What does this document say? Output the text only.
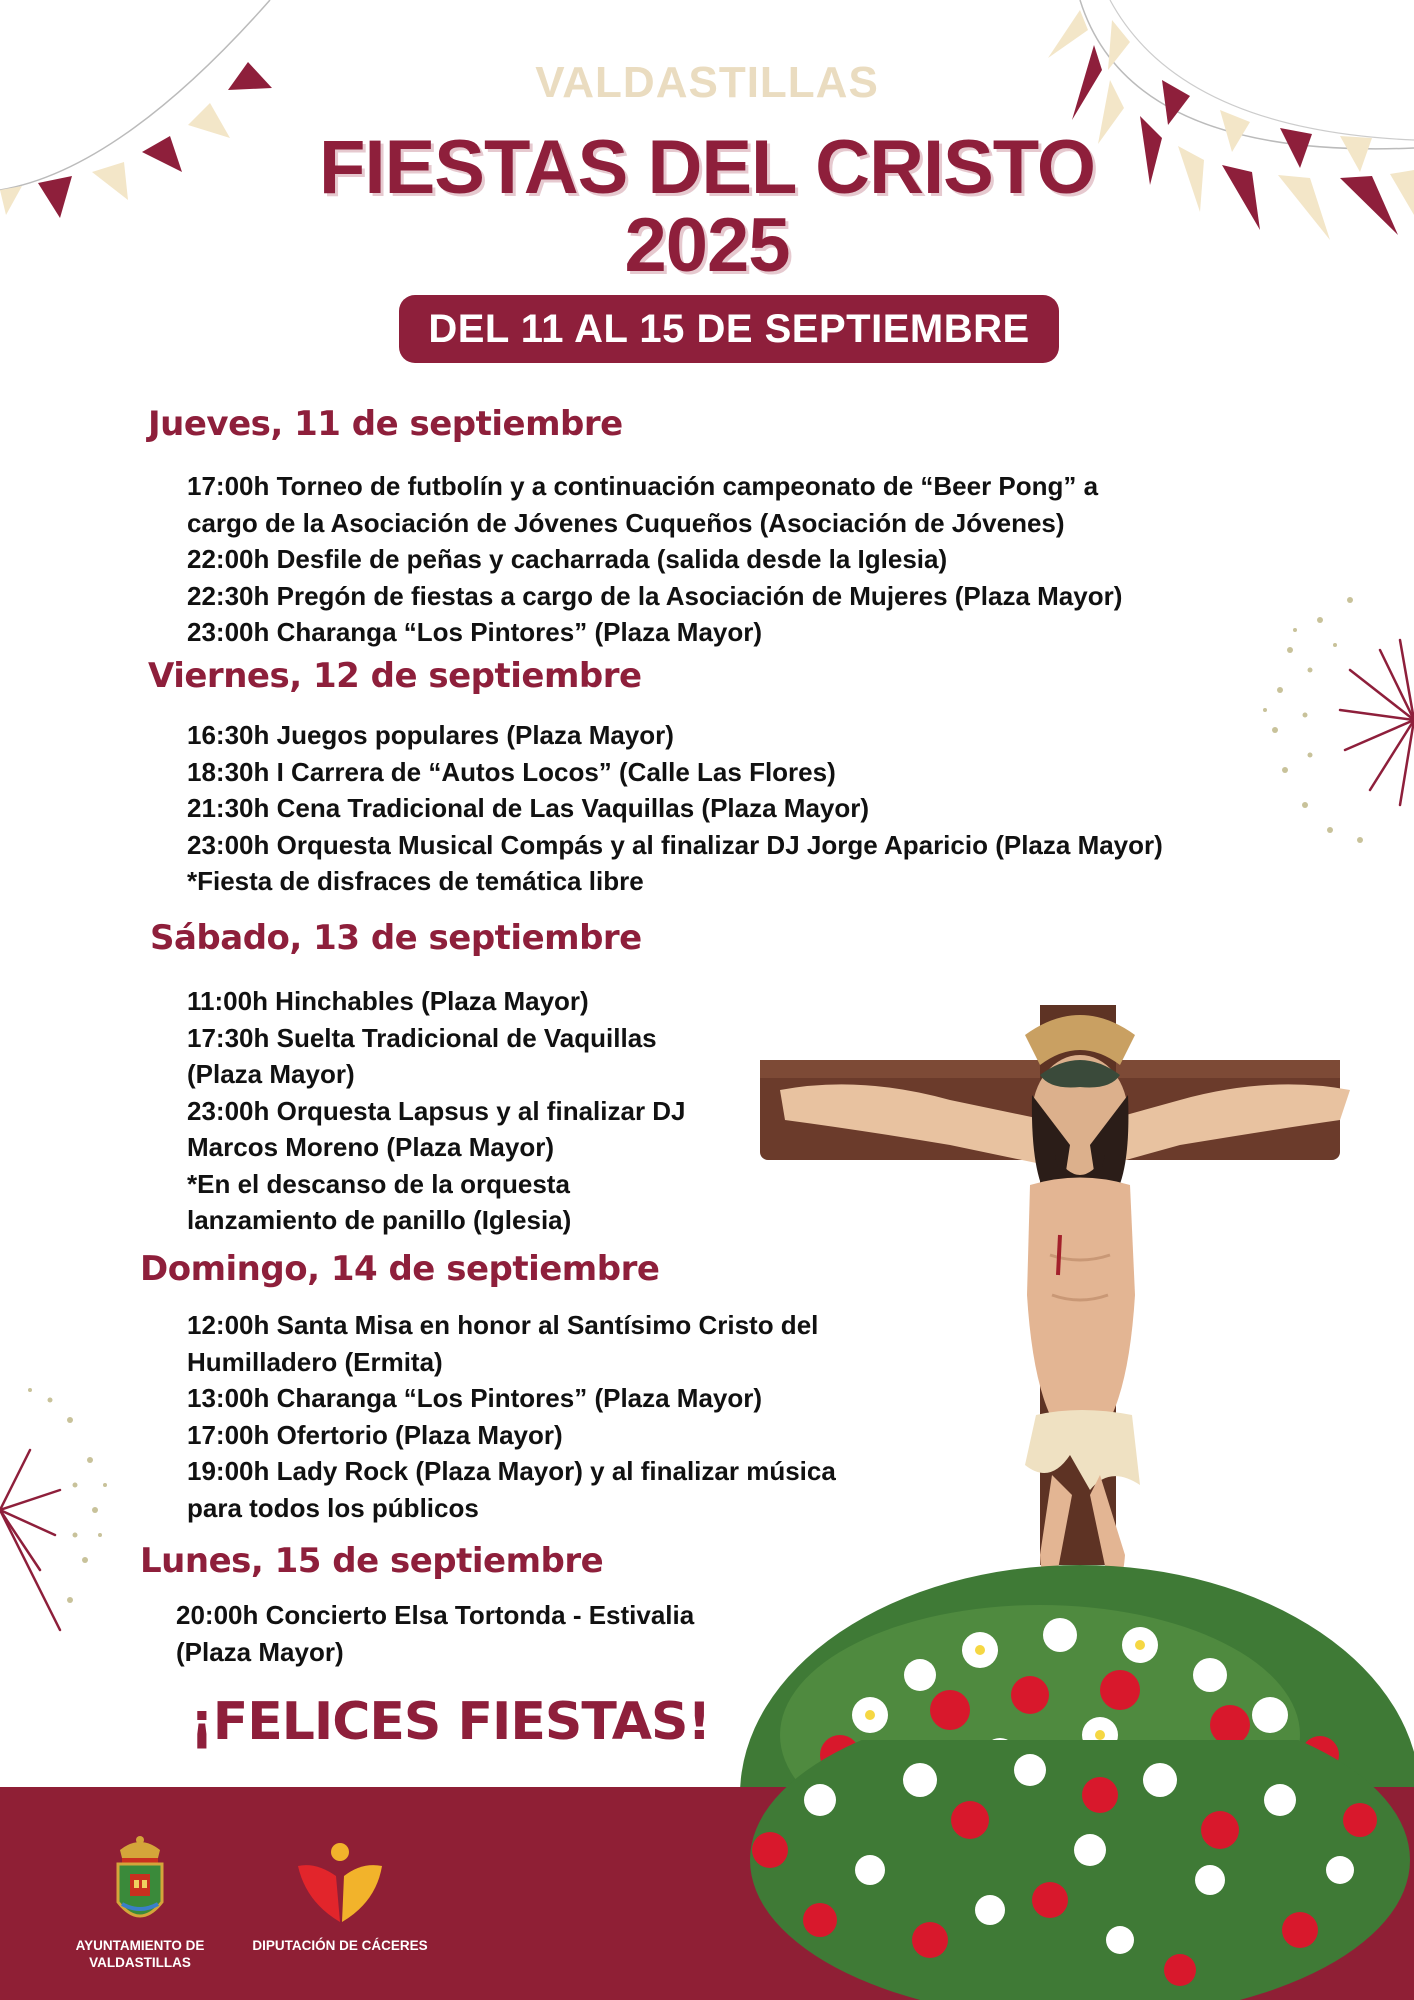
VALDASTILLAS
FIESTAS DEL CRISTO
2025
DEL 11 AL 15 DE SEPTIEMBRE
Jueves, 11 de septiembre

17:00h Torneo de futbolín y a continuación campeonato de “Beer Pong” a

cargo de la Asociación de Jóvenes Cuqueños (Asociación de Jóvenes)

22:00h Desfile de peñas y cacharrada (salida desde la Iglesia)

22:30h Pregón de fiestas a cargo de la Asociación de Mujeres (Plaza Mayor)

23:00h Charanga “Los Pintores” (Plaza Mayor)

Viernes, 12 de septiembre

16:30h Juegos populares (Plaza Mayor)

18:30h I Carrera de “Autos Locos” (Calle Las Flores)

21:30h Cena Tradicional de Las Vaquillas (Plaza Mayor)

23:00h Orquesta Musical Compás y al finalizar DJ Jorge Aparicio (Plaza Mayor)

*Fiesta de disfraces de temática libre

Sábado, 13 de septiembre

11:00h Hinchables (Plaza Mayor)

17:30h Suelta Tradicional de Vaquillas

(Plaza Mayor)

23:00h Orquesta Lapsus y al finalizar DJ

Marcos Moreno (Plaza Mayor)

*En el descanso de la orquesta

lanzamiento de panillo (Iglesia)

Domingo, 14 de septiembre

12:00h Santa Misa en honor al Santísimo Cristo del

Humilladero (Ermita)

13:00h Charanga “Los Pintores” (Plaza Mayor)

17:00h Ofertorio (Plaza Mayor)

19:00h Lady Rock (Plaza Mayor) y al finalizar música

para todos los públicos

Lunes, 15 de septiembre

20:00h Concierto Elsa Tortonda - Estivalia

(Plaza Mayor)

¡FELICES FIESTAS!
AYUNTAMIENTO DE
VALDASTILLAS
DIPUTACIÓN DE CÁCERES
